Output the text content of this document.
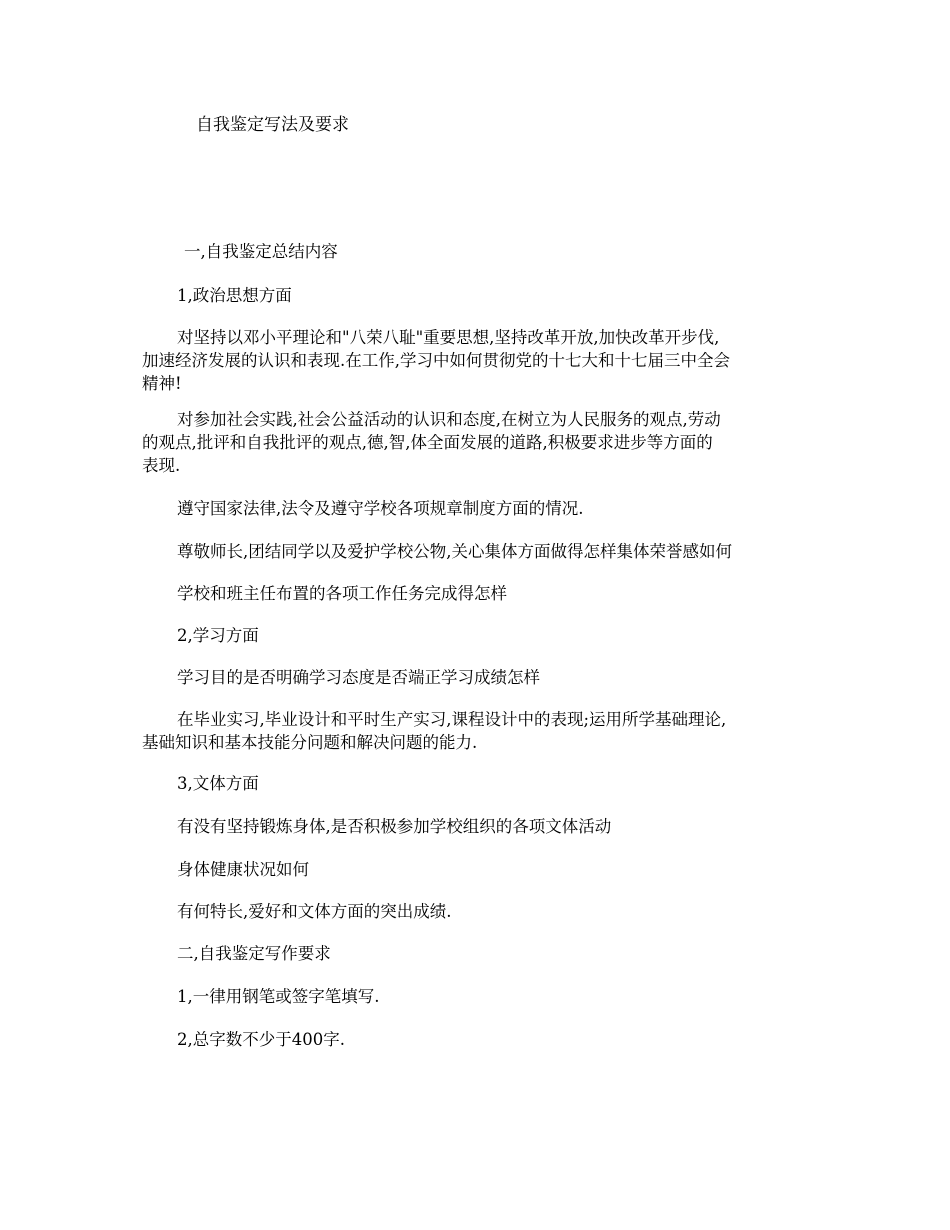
自我鉴定写法及要求

一,自我鉴定总结内容

1,政治思想方面

对坚持以邓小平理论和"八荣八耻"重要思想,坚持改革开放,加快改革开步伐,
加速经济发展的认识和表现.在工作,学习中如何贯彻党的十七大和十七届三中全会
精神!

对参加社会实践,社会公益活动的认识和态度,在树立为人民服务的观点,劳动
的观点,批评和自我批评的观点,德,智,体全面发展的道路,积极要求进步等方面的
表现.

遵守国家法律,法令及遵守学校各项规章制度方面的情况.

尊敬师长,团结同学以及爱护学校公物,关心集体方面做得怎样集体荣誉感如何

学校和班主任布置的各项工作任务完成得怎样

2,学习方面

学习目的是否明确学习态度是否端正学习成绩怎样

在毕业实习,毕业设计和平时生产实习,课程设计中的表现;运用所学基础理论,
基础知识和基本技能分问题和解决问题的能力.

3,文体方面

有没有坚持锻炼身体,是否积极参加学校组织的各项文体活动

身体健康状况如何

有何特长,爱好和文体方面的突出成绩.

二,自我鉴定写作要求

1,一律用钢笔或签字笔填写.

2,总字数不少于400字.
